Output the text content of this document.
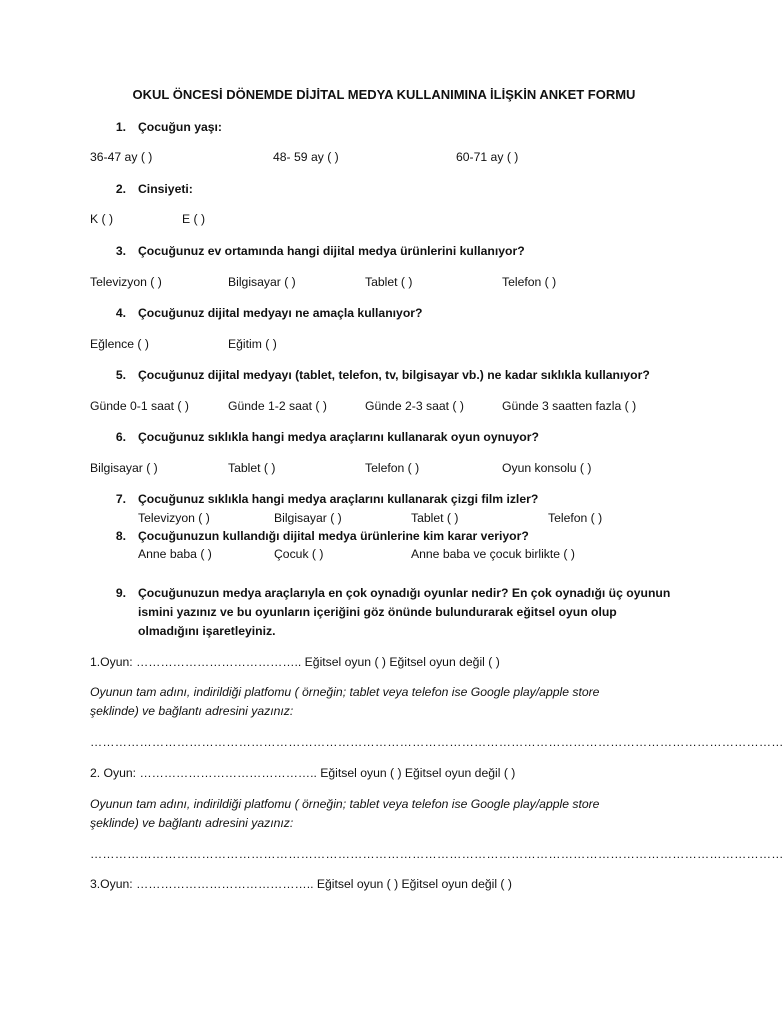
OKUL ÖNCESİ DÖNEMDE DİJİTAL MEDYA KULLANIMINA İLİŞKİN ANKET FORMU
1. Çocuğun yaşı:
36-47 ay ( )	48- 59 ay ( )	60-71 ay ( )
2. Cinsiyeti:
K ( )	E ( )
3. Çocuğunuz ev ortamında hangi dijital medya ürünlerini kullanıyor?
Televizyon ( )	Bilgisayar ( )	Tablet ( )	Telefon ( )
4. Çocuğunuz dijital medyayı ne amaçla kullanıyor?
Eğlence ( )	Eğitim ( )
5. Çocuğunuz dijital medyayı (tablet, telefon, tv, bilgisayar vb.) ne kadar sıklıkla kullanıyor?
Günde 0-1 saat ( )	Günde 1-2 saat ( )	Günde 2-3 saat ( )	Günde 3 saatten fazla ( )
6. Çocuğunuz sıklıkla hangi medya araçlarını kullanarak oyun oynuyor?
Bilgisayar ( )	Tablet ( )	Telefon ( )	Oyun konsolu ( )
7. Çocuğunuz sıklıkla hangi medya araçlarını kullanarak çizgi film izler?
Televizyon ( )	Bilgisayar ( )	Tablet ( )	Telefon ( )
8. Çocuğunuzun kullandığı dijital medya ürünlerine kim karar veriyor?
Anne baba ( )	Çocuk ( )	Anne baba ve çocuk birlikte ( )
9. Çocuğunuzun medya araçlarıyla en çok oynadığı oyunlar nedir? En çok oynadığı üç oyunun
ismini yazınız ve bu oyunların içeriğini göz önünde bulundurarak eğitsel oyun olup
olmadığını işaretleyiniz.
1.Oyun: ………………………………….. Eğitsel oyun ( ) Eğitsel oyun değil ( )
Oyunun tam adını, indirildiği platfomu ( örneğin; tablet veya telefon ise Google play/apple store
şeklinde) ve bağlantı adresini yazınız:
……………………………………………………………………………………………………………………………………………………
2. Oyun: …………………………………….. Eğitsel oyun ( ) Eğitsel oyun değil ( )
Oyunun tam adını, indirildiği platfomu ( örneğin; tablet veya telefon ise Google play/apple store
şeklinde) ve bağlantı adresini yazınız:
……………………………………………………………………………………………………………………………………………………
3.Oyun: …………………………………….. Eğitsel oyun ( ) Eğitsel oyun değil ( )
